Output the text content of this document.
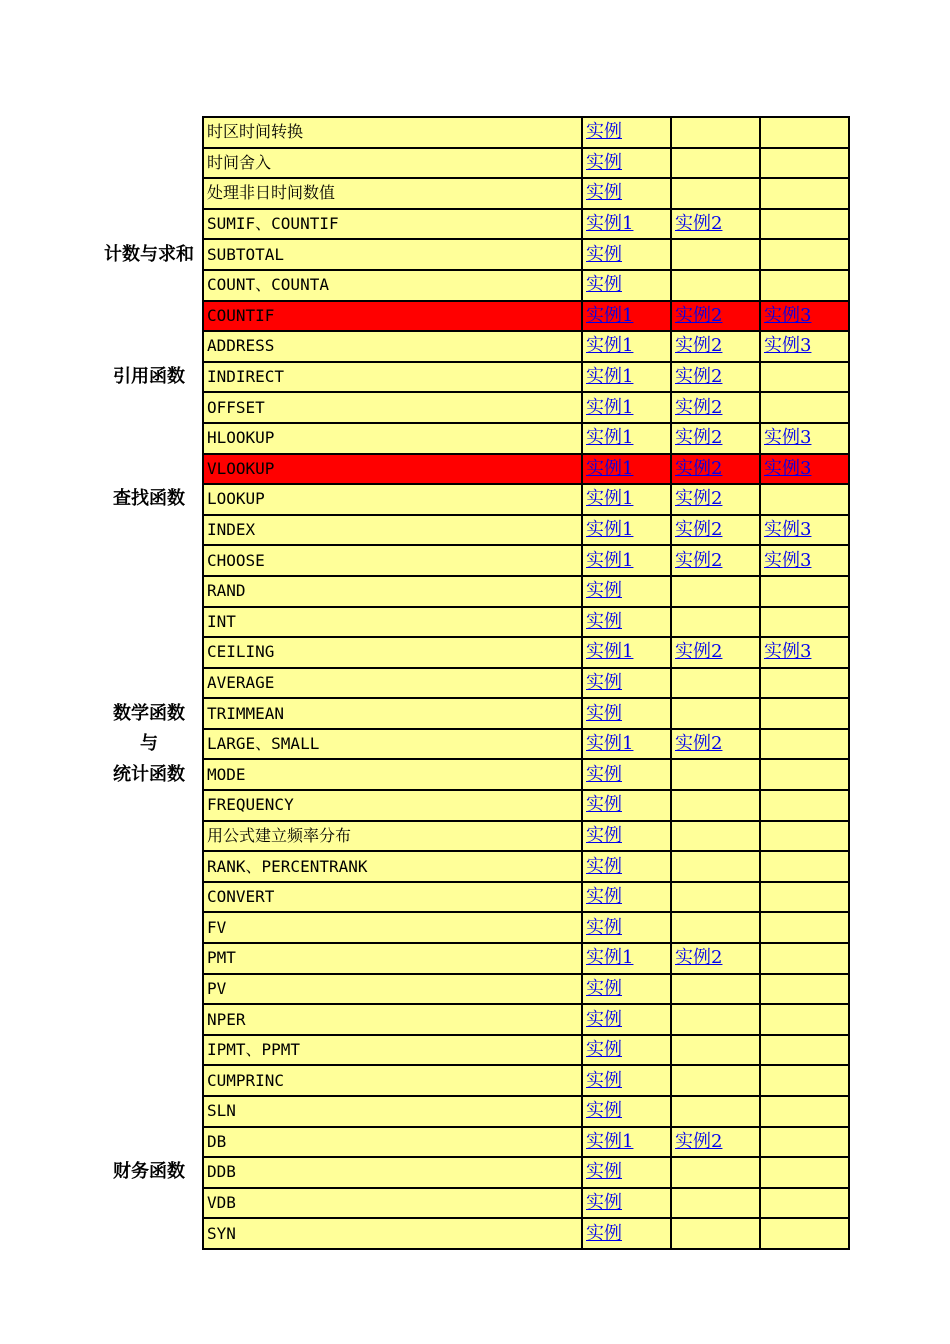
	时区时间转换	实例		
	时间舍入	实例		
	处理非日时间数值	实例		
	SUMIF、COUNTIF	实例1	实例2	
计数与求和	SUBTOTAL	实例		
	COUNT、COUNTA	实例		
	COUNTIF	实例1	实例2	实例3
	ADDRESS	实例1	实例2	实例3
引用函数	INDIRECT	实例1	实例2	
	OFFSET	实例1	实例2	
	HLOOKUP	实例1	实例2	实例3
	VLOOKUP	实例1	实例2	实例3
查找函数	LOOKUP	实例1	实例2	
	INDEX	实例1	实例2	实例3
	CHOOSE	实例1	实例2	实例3
	RAND	实例		
	INT	实例		
	CEILING	实例1	实例2	实例3
	AVERAGE	实例		
数学函数	TRIMMEAN	实例		
与	LARGE、SMALL	实例1	实例2	
统计函数	MODE	实例		
	FREQUENCY	实例		
	用公式建立频率分布	实例		
	RANK、PERCENTRANK	实例		
	CONVERT	实例		
	FV	实例		
	PMT	实例1	实例2	
	PV	实例		
	NPER	实例		
	IPMT、PPMT	实例		
	CUMPRINC	实例		
	SLN	实例		
	DB	实例1	实例2	
财务函数	DDB	实例		
	VDB	实例		
	SYN	实例		
